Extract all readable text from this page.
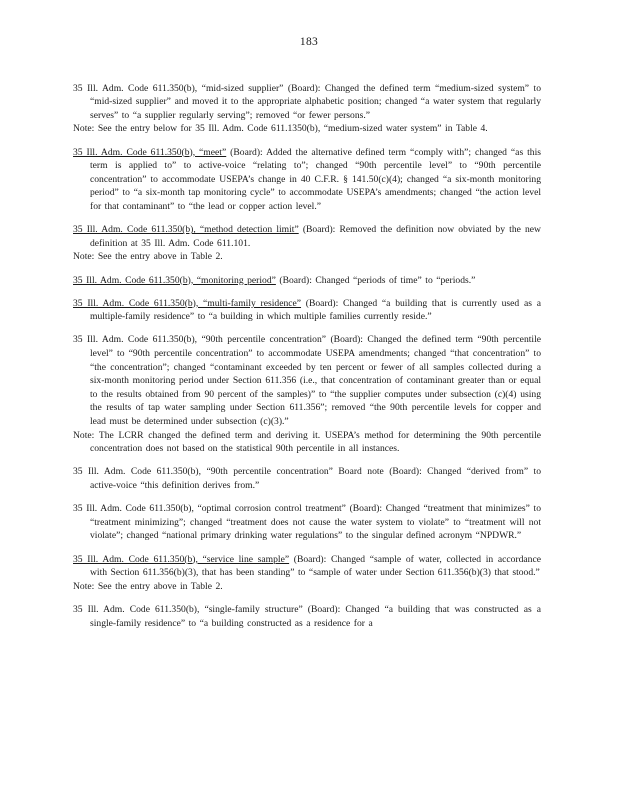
183

35 Ill. Adm. Code 611.350(b), “mid-sized supplier” (Board): Changed the defined term “medium-sized system” to “mid-sized supplier” and moved it to the appropriate alphabetic position; changed “a water system that regularly serves” to “a supplier regularly serving”; removed “or fewer persons.”
Note: See the entry below for 35 Ill. Adm. Code 611.1350(b), “medium-sized water system” in Table 4.

35 Ill. Adm. Code 611.350(b), “meet” (Board): Added the alternative defined term “comply with”; changed “as this term is applied to” to active-voice “relating to”; changed “90th percentile level” to “90th percentile concentration” to accommodate USEPA’s change in 40 C.F.R. § 141.50(c)(4); changed “a six-month monitoring period” to “a six-month tap monitoring cycle” to accommodate USEPA’s amendments; changed “the action level for that contaminant” to “the lead or copper action level.”

35 Ill. Adm. Code 611.350(b), “method detection limit” (Board): Removed the definition now obviated by the new definition at 35 Ill. Adm. Code 611.101.
Note: See the entry above in Table 2.

35 Ill. Adm. Code 611.350(b), “monitoring period” (Board): Changed “periods of time” to “periods.”

35 Ill. Adm. Code 611.350(b), “multi-family residence” (Board): Changed “a building that is currently used as a multiple-family residence” to “a building in which multiple families currently reside.”

35 Ill. Adm. Code 611.350(b), “90th percentile concentration” (Board): Changed the defined term “90th percentile level” to “90th percentile concentration” to accommodate USEPA amendments; changed “that concentration” to “the concentration”; changed “contaminant exceeded by ten percent or fewer of all samples collected during a six-month monitoring period under Section 611.356 (i.e., that concentration of contaminant greater than or equal to the results obtained from 90 percent of the samples)” to “the supplier computes under subsection (c)(4) using the results of tap water sampling under Section 611.356”; removed “the 90th percentile levels for copper and lead must be determined under subsection (c)(3).”
Note: The LCRR changed the defined term and deriving it. USEPA’s method for determining the 90th percentile concentration does not based on the statistical 90th percentile in all instances.

35 Ill. Adm. Code 611.350(b), “90th percentile concentration” Board note (Board): Changed “derived from” to active-voice “this definition derives from.”

35 Ill. Adm. Code 611.350(b), “optimal corrosion control treatment” (Board): Changed “treatment that minimizes” to “treatment minimizing”; changed “treatment does not cause the water system to violate” to “treatment will not violate”; changed “national primary drinking water regulations” to the singular defined acronym “NPDWR.”

35 Ill. Adm. Code 611.350(b), “service line sample” (Board): Changed “sample of water, collected in accordance with Section 611.356(b)(3), that has been standing” to “sample of water under Section 611.356(b)(3) that stood.”
Note: See the entry above in Table 2.

35 Ill. Adm. Code 611.350(b), “single-family structure” (Board): Changed “a building that was constructed as a single-family residence” to “a building constructed as a residence for a
